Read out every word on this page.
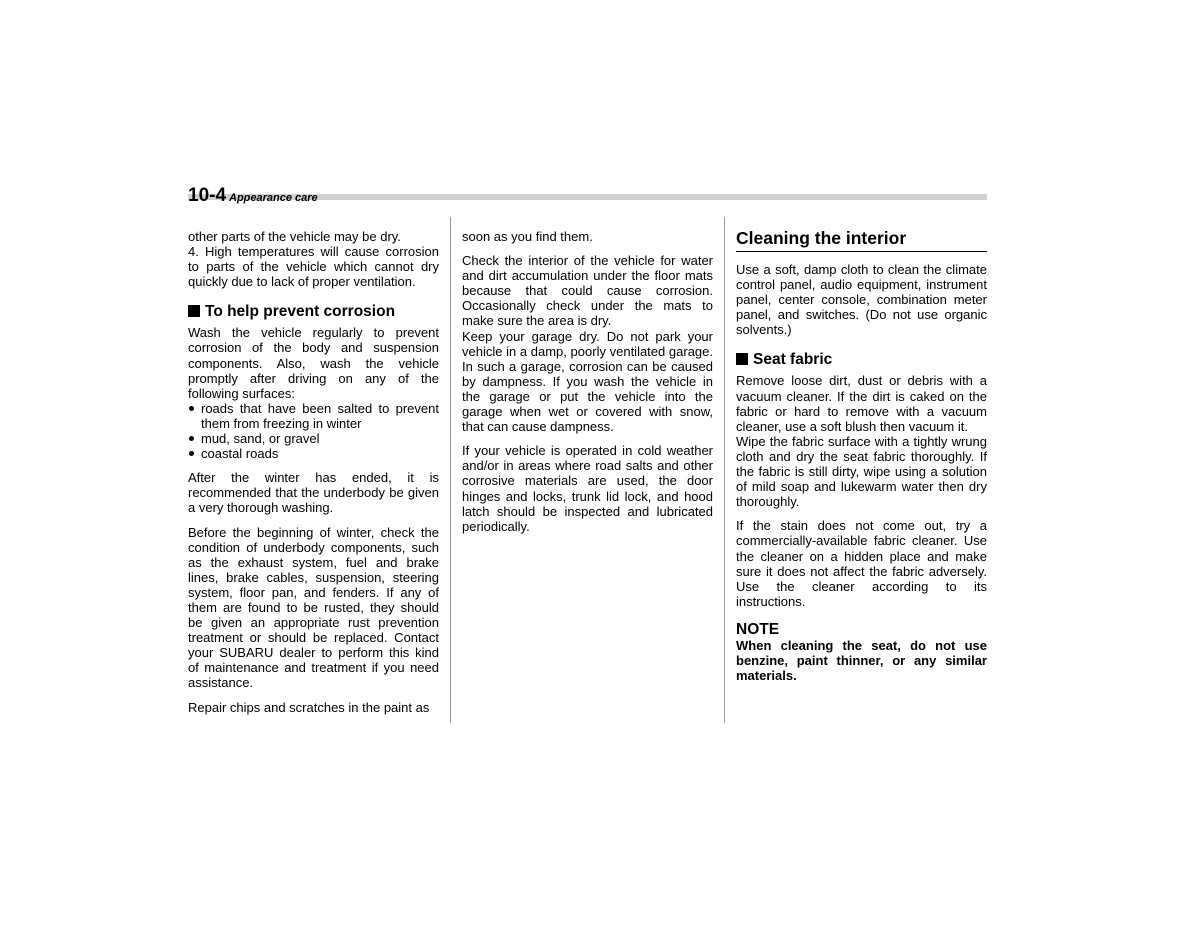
10-4 Appearance care

other parts of the vehicle may be dry.

4. High temperatures will cause corrosion to parts of the vehicle which cannot dry quickly due to lack of proper ventilation.

To help prevent corrosion

Wash the vehicle regularly to prevent corrosion of the body and suspension components. Also, wash the vehicle promptly after driving on any of the following surfaces:

roads that have been salted to prevent them from freezing in winter
mud, sand, or gravel
coastal roads

After the winter has ended, it is recommended that the underbody be given a very thorough washing.

Before the beginning of winter, check the condition of underbody components, such as the exhaust system, fuel and brake lines, brake cables, suspension, steering system, floor pan, and fenders. If any of them are found to be rusted, they should be given an appropriate rust prevention treatment or should be replaced. Contact your SUBARU dealer to perform this kind of maintenance and treatment if you need assistance.

Repair chips and scratches in the paint as

soon as you find them.

Check the interior of the vehicle for water and dirt accumulation under the floor mats because that could cause corrosion. Occasionally check under the mats to make sure the area is dry.

Keep your garage dry. Do not park your vehicle in a damp, poorly ventilated garage. In such a garage, corrosion can be caused by dampness. If you wash the vehicle in the garage or put the vehicle into the garage when wet or covered with snow, that can cause dampness.

If your vehicle is operated in cold weather and/or in areas where road salts and other corrosive materials are used, the door hinges and locks, trunk lid lock, and hood latch should be inspected and lubricated periodically.

Cleaning the interior

Use a soft, damp cloth to clean the climate control panel, audio equipment, instrument panel, center console, combination meter panel, and switches. (Do not use organic solvents.)

Seat fabric

Remove loose dirt, dust or debris with a vacuum cleaner. If the dirt is caked on the fabric or hard to remove with a vacuum cleaner, use a soft blush then vacuum it.

Wipe the fabric surface with a tightly wrung cloth and dry the seat fabric thoroughly. If the fabric is still dirty, wipe using a solution of mild soap and lukewarm water then dry thoroughly.

If the stain does not come out, try a commercially-available fabric cleaner. Use the cleaner on a hidden place and make sure it does not affect the fabric adversely. Use the cleaner according to its instructions.

NOTE

When cleaning the seat, do not use benzine, paint thinner, or any similar materials.
